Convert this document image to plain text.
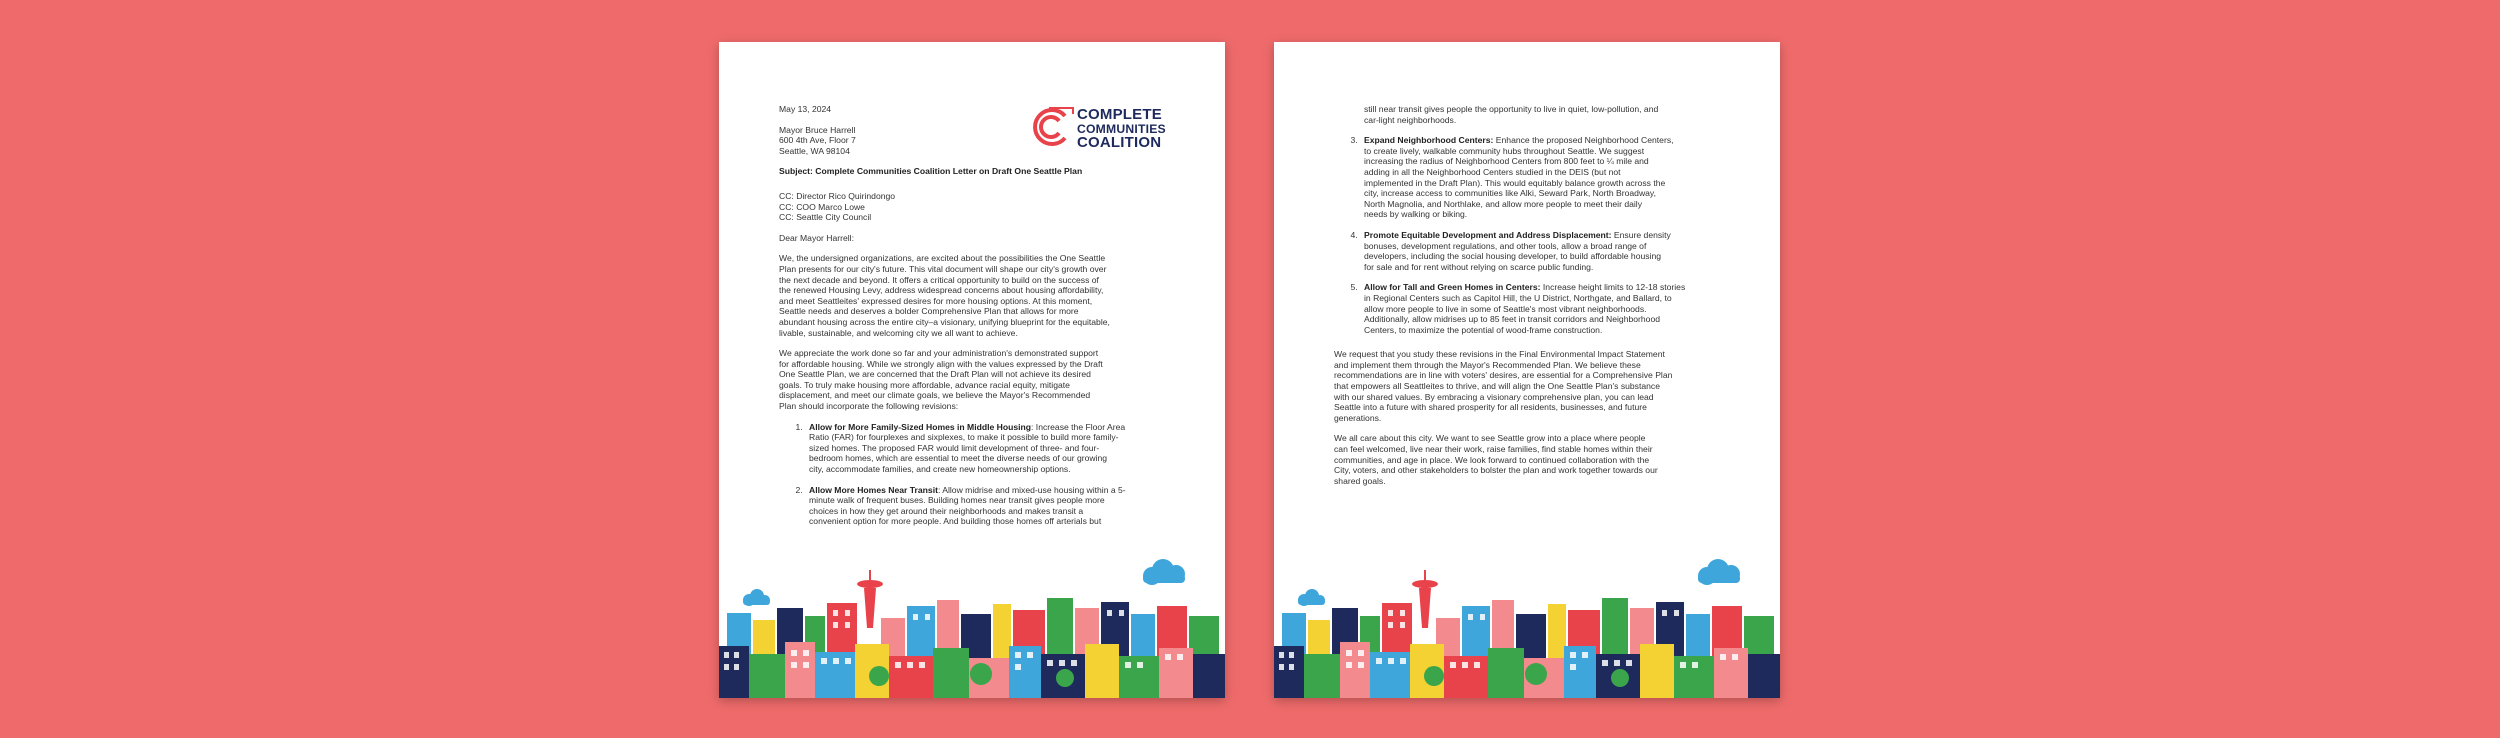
COMPLETE
COMMUNITIES
COALITION
May 13, 2024
Mayor Bruce Harrell
600 4th Ave, Floor 7
Seattle, WA 98104
Subject: Complete Communities Coalition Letter on Draft One Seattle Plan
CC: Director Rico Quirindongo
CC: COO Marco Lowe
CC: Seattle City Council
Dear Mayor Harrell:
We, the undersigned organizations, are excited about the possibilities the One Seattle
Plan presents for our city's future. This vital document will shape our city's growth over
the next decade and beyond. It offers a critical opportunity to build on the success of
the renewed Housing Levy, address widespread concerns about housing affordability,
and meet Seattleites' expressed desires for more housing options. At this moment,
Seattle needs and deserves a bolder Comprehensive Plan that allows for more
abundant housing across the entire city–a visionary, unifying blueprint for the equitable,
livable, sustainable, and welcoming city we all want to achieve.
We appreciate the work done so far and your administration's demonstrated support
for affordable housing. While we strongly align with the values expressed by the Draft
One Seattle Plan, we are concerned that the Draft Plan will not achieve its desired
goals. To truly make housing more affordable, advance racial equity, mitigate
displacement, and meet our climate goals, we believe the Mayor's Recommended
Plan should incorporate the following revisions:
1. Allow for More Family-Sized Homes in Middle Housing: Increase the Floor Area
Ratio (FAR) for fourplexes and sixplexes, to make it possible to build more family-
sized homes. The proposed FAR would limit development of three- and four-
bedroom homes, which are essential to meet the diverse needs of our growing
city, accommodate families, and create new homeownership options.
2. Allow More Homes Near Transit: Allow midrise and mixed-use housing within a 5-
minute walk of frequent buses. Building homes near transit gives people more
choices in how they get around their neighborhoods and makes transit a
convenient option for more people. And building those homes off arterials but
still near transit gives people the opportunity to live in quiet, low-pollution, and
car-light neighborhoods.
3. Expand Neighborhood Centers: Enhance the proposed Neighborhood Centers,
to create lively, walkable community hubs throughout Seattle. We suggest
increasing the radius of Neighborhood Centers from 800 feet to ¼ mile and
adding in all the Neighborhood Centers studied in the DEIS (but not
implemented in the Draft Plan). This would equitably balance growth across the
city, increase access to communities like Alki, Seward Park, North Broadway,
North Magnolia, and Northlake, and allow more people to meet their daily
needs by walking or biking.
4. Promote Equitable Development and Address Displacement: Ensure density
bonuses, development regulations, and other tools, allow a broad range of
developers, including the social housing developer, to build affordable housing
for sale and for rent without relying on scarce public funding.
5. Allow for Tall and Green Homes in Centers: Increase height limits to 12-18 stories
in Regional Centers such as Capitol Hill, the U District, Northgate, and Ballard, to
allow more people to live in some of Seattle's most vibrant neighborhoods.
Additionally, allow midrises up to 85 feet in transit corridors and Neighborhood
Centers, to maximize the potential of wood-frame construction.
We request that you study these revisions in the Final Environmental Impact Statement
and implement them through the Mayor's Recommended Plan. We believe these
recommendations are in line with voters' desires, are essential for a Comprehensive Plan
that empowers all Seattleites to thrive, and will align the One Seattle Plan's substance
with our shared values. By embracing a visionary comprehensive plan, you can lead
Seattle into a future with shared prosperity for all residents, businesses, and future
generations.
We all care about this city. We want to see Seattle grow into a place where people
can feel welcomed, live near their work, raise families, find stable homes within their
communities, and age in place. We look forward to continued collaboration with the
City, voters, and other stakeholders to bolster the plan and work together towards our
shared goals.
